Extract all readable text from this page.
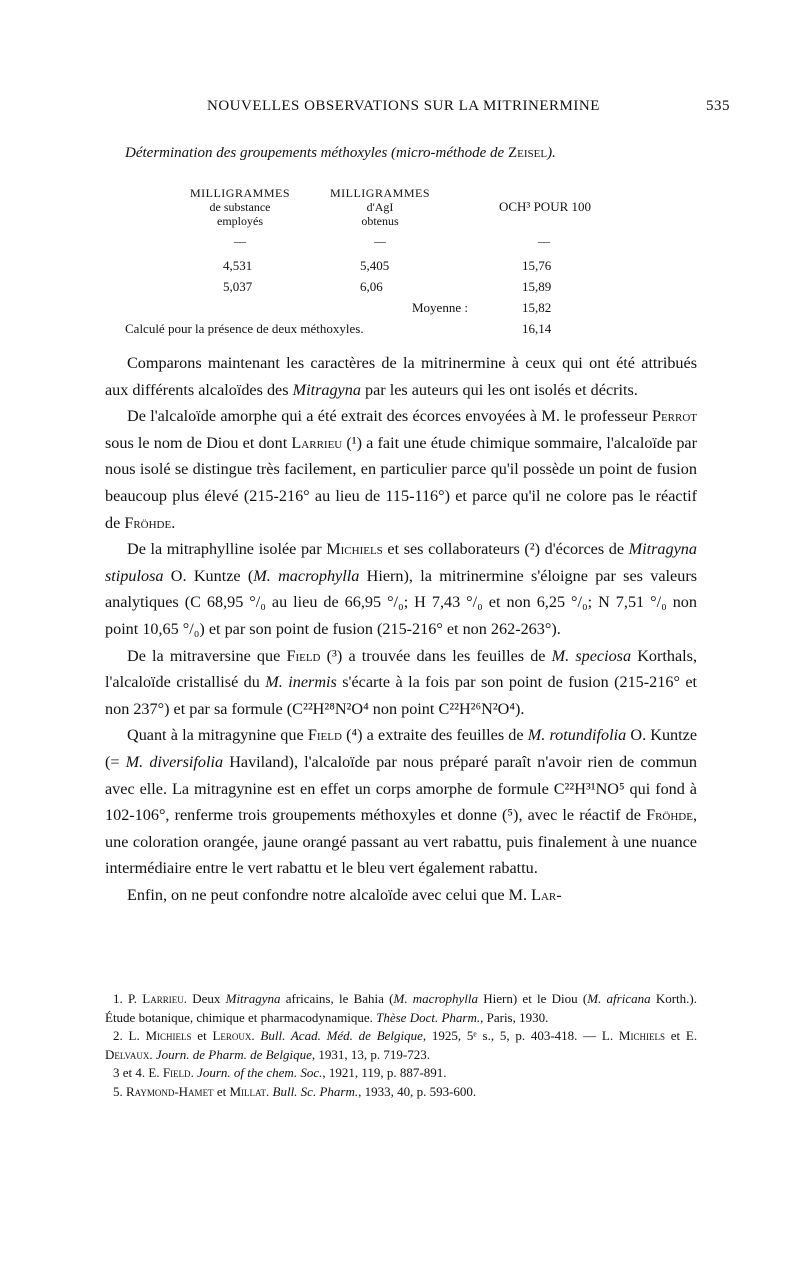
NOUVELLES OBSERVATIONS SUR LA MITRINERMINE	535
Détermination des groupements méthoxyles (micro-méthode de Zeisel).
MILLIGRAMMES
de substance
employés
MILLIGRAMMES
d'AgI
obtenus
OCH³ POUR 100
—	—	—
4,531	5,405	15,76
5,037	6,06	15,89
Moyenne :	15,82
Calculé pour la présence de deux méthoxyles.	16,14

Comparons maintenant les caractères de la mitrinermine à ceux qui ont été attribués aux différents alcaloïdes des Mitragyna par les auteurs qui les ont isolés et décrits.

De l'alcaloïde amorphe qui a été extrait des écorces envoyées à M. le professeur Perrot sous le nom de Diou et dont Larrieu (¹) a fait une étude chimique sommaire, l'alcaloïde par nous isolé se distingue très facilement, en particulier parce qu'il possède un point de fusion beaucoup plus élevé (215-216° au lieu de 115-116°) et parce qu'il ne colore pas le réactif de Fröhde.

De la mitraphylline isolée par Michiels et ses collaborateurs (²) d'écorces de Mitragyna stipulosa O. Kuntze (M. macrophylla Hiern), la mitrinermine s'éloigne par ses valeurs analytiques (C 68,95 °/₀ au lieu de 66,95 °/₀; H 7,43 °/₀ et non 6,25 °/₀; N 7,51 °/₀ non point 10,65 °/₀) et par son point de fusion (215-216° et non 262-263°).

De la mitraversine que Field (³) a trouvée dans les feuilles de M. speciosa Korthals, l'alcaloïde cristallisé du M. inermis s'écarte à la fois par son point de fusion (215-216° et non 237°) et par sa formule (C²²H²⁸N²O⁴ non point C²²H²⁶N²O⁴).

Quant à la mitragynine que Field (⁴) a extraite des feuilles de M. rotundifolia O. Kuntze (= M. diversifolia Haviland), l'alcaloïde par nous préparé paraît n'avoir rien de commun avec elle. La mitragynine est en effet un corps amorphe de formule C²²H³¹NO⁵ qui fond à 102-106°, renferme trois groupements méthoxyles et donne (⁵), avec le réactif de Fröhde, une coloration orangée, jaune orangé passant au vert rabattu, puis finalement à une nuance intermédiaire entre le vert rabattu et le bleu vert également rabattu.

Enfin, on ne peut confondre notre alcaloïde avec celui que M. Lar-

1. P. Larrieu. Deux Mitragyna africains, le Bahia (M. macrophylla Hiern) et le Diou (M. africana Korth.). Étude botanique, chimique et pharmacodynamique. Thèse Doct. Pharm., Paris, 1930.

2. L. Michiels et Leroux. Bull. Acad. Méd. de Belgique, 1925, 5ᵉ s., 5, p. 403-418. — L. Michiels et E. Delvaux. Journ. de Pharm. de Belgique, 1931, 13, p. 719-723.

3 et 4. E. Field. Journ. of the chem. Soc., 1921, 119, p. 887-891.

5. Raymond-Hamet et Millat. Bull. Sc. Pharm., 1933, 40, p. 593-600.
